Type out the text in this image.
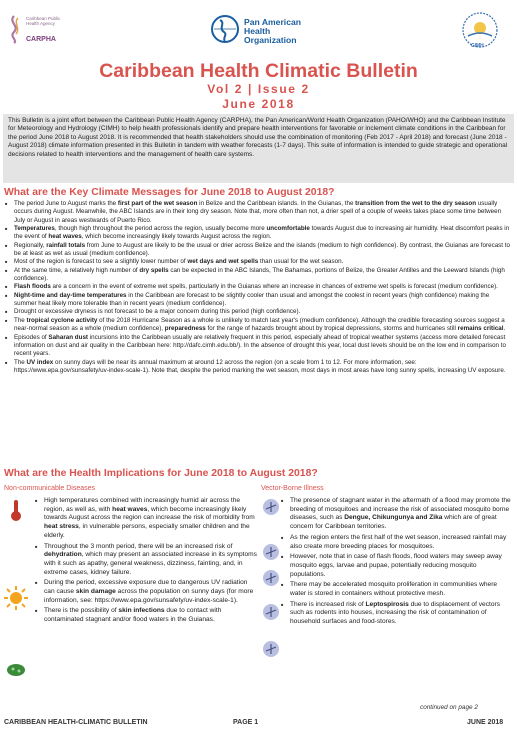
Caribbean Public Health Agency
CARPHA
Pan American
Health
Organization
CIMH
Caribbean Health Climatic Bulletin
Vol 2 | Issue 2
June 2018
This Bulletin is a joint effort between the Caribbean Public Health Agency (CARPHA), the Pan American/World Health Organization (PAHO/WHO) and the Caribbean Institute for Meteorology and Hydrology (CIMH) to help health professionals identify and prepare health interventions for favorable or inclement climate conditions in the Caribbean for the period June 2018 to August 2018. It is recommended that health stakeholders should use the combination of monitoring (Feb 2017 - April 2018) and forecast (June 2018 - August 2018) climate information presented in this Bulletin in tandem with weather forecasts (1-7 days). This suite of information is intended to guide strategic and operational decisions related to health interventions and the management of health care systems.
What are the Key Climate Messages for June 2018 to August 2018?
■ The period June to August marks the first part of the wet season in Belize and the Caribbean islands. In the Guianas, the transition from the wet to the dry season usually occurs during August. Meanwhile, the ABC Islands are in their long dry season. Note that, more often than not, a drier spell of a couple of weeks takes place some time between July or August in areas westwards of Puerto Rico.
■ Temperatures, though high throughout the period across the region, usually become more uncomfortable towards August due to increasing air humidity. Heat discomfort peaks in the event of heat waves, which become increasingly likely towards August across the region.
■ Regionally, rainfall totals from June to August are likely to be the usual or drier across Belize and the islands (medium to high confidence). By contrast, the Guianas are forecast to be at least as wet as usual (medium confidence).
■ Most of the region is forecast to see a slightly lower number of wet days and wet spells than usual for the wet season.
■ At the same time, a relatively high number of dry spells can be expected in the ABC Islands, The Bahamas, portions of Belize, the Greater Antilles and the Leeward Islands (high confidence).
■ Flash floods are a concern in the event of extreme wet spells, particularly in the Guianas where an increase in chances of extreme wet spells is forecast (medium confidence).
■ Night-time and day-time temperatures in the Caribbean are forecast to be slightly cooler than usual and amongst the coolest in recent years (high confidence) making the summer heat likely more tolerable than in recent years (medium confidence).
■ Drought or excessive dryness is not forecast to be a major concern during this period (high confidence).
■ The tropical cyclone activity of the 2018 Hurricane Season as a whole is unlikely to match last year's (medium confidence). Although the credible forecasting sources suggest a near-normal season as a whole (medium confidence), preparedness for the range of hazards brought about by tropical depressions, storms and hurricanes still remains critical.
■ Episodes of Saharan dust incursions into the Caribbean usually are relatively frequent in this period, especially ahead of tropical weather systems (access more detailed forecast information on dust and air quality in the Caribbean here: http://dafc.cimh.edu.bb/). In the absence of drought this year, local dust levels should be on the low end in comparison to recent years.
■ The UV index on sunny days will be near its annual maximum at around 12 across the region (on a scale from 1 to 12. For more information, see: https://www.epa.gov/sunsafety/uv-index-scale-1). Note that, despite the period marking the wet season, most days in most areas have long sunny spells, increasing UV exposure.
What are the Health Implications for June 2018 to August 2018?
Non-communicable Diseases	Vector-Borne Illness
■ High temperatures combined with increasingly humid air across the region, as well as, with heat waves, which become increasingly likely towards August across the region can increase the risk of morbidity from heat stress, in vulnerable persons, especially smaller children and the elderly.
■ Throughout the 3 month period, there will be an increased risk of dehydration, which may present an associated increase in its symptoms with it such as apathy, general weakness, dizziness, fainting, and, in extreme cases, kidney failure.
■ During the period, excessive exposure due to dangerous UV radiation can cause skin damage across the population on sunny days (for more information, see: https://www.epa.gov/sunsafety/uv-index-scale-1).
■ There is the possibility of skin infections due to contact with contaminated stagnant and/or flood waters in the Guianas.
■ The presence of stagnant water in the aftermath of a flood may promote the breeding of mosquitoes and increase the risk of associated mosquito borne diseases, such as Dengue, Chikungunya and Zika which are of great concern for Caribbean territories.
■ As the region enters the first half of the wet season, increased rainfall may also create more breeding places for mosquitoes.
■ However, note that in case of flash floods, flood waters may sweep away mosquito eggs, larvae and pupae, potentially reducing mosquito populations.
■ There may be accelerated mosquito proliferation in communities where water is stored in containers without protective mesh.
■ There is increased risk of Leptospirosis due to displacement of vectors such as rodents into houses, increasing the risk of contamination of household surfaces and food-stores.
continued on page 2
CARIBBEAN HEALTH-CLIMATIC BULLETIN	PAGE 1	JUNE 2018
